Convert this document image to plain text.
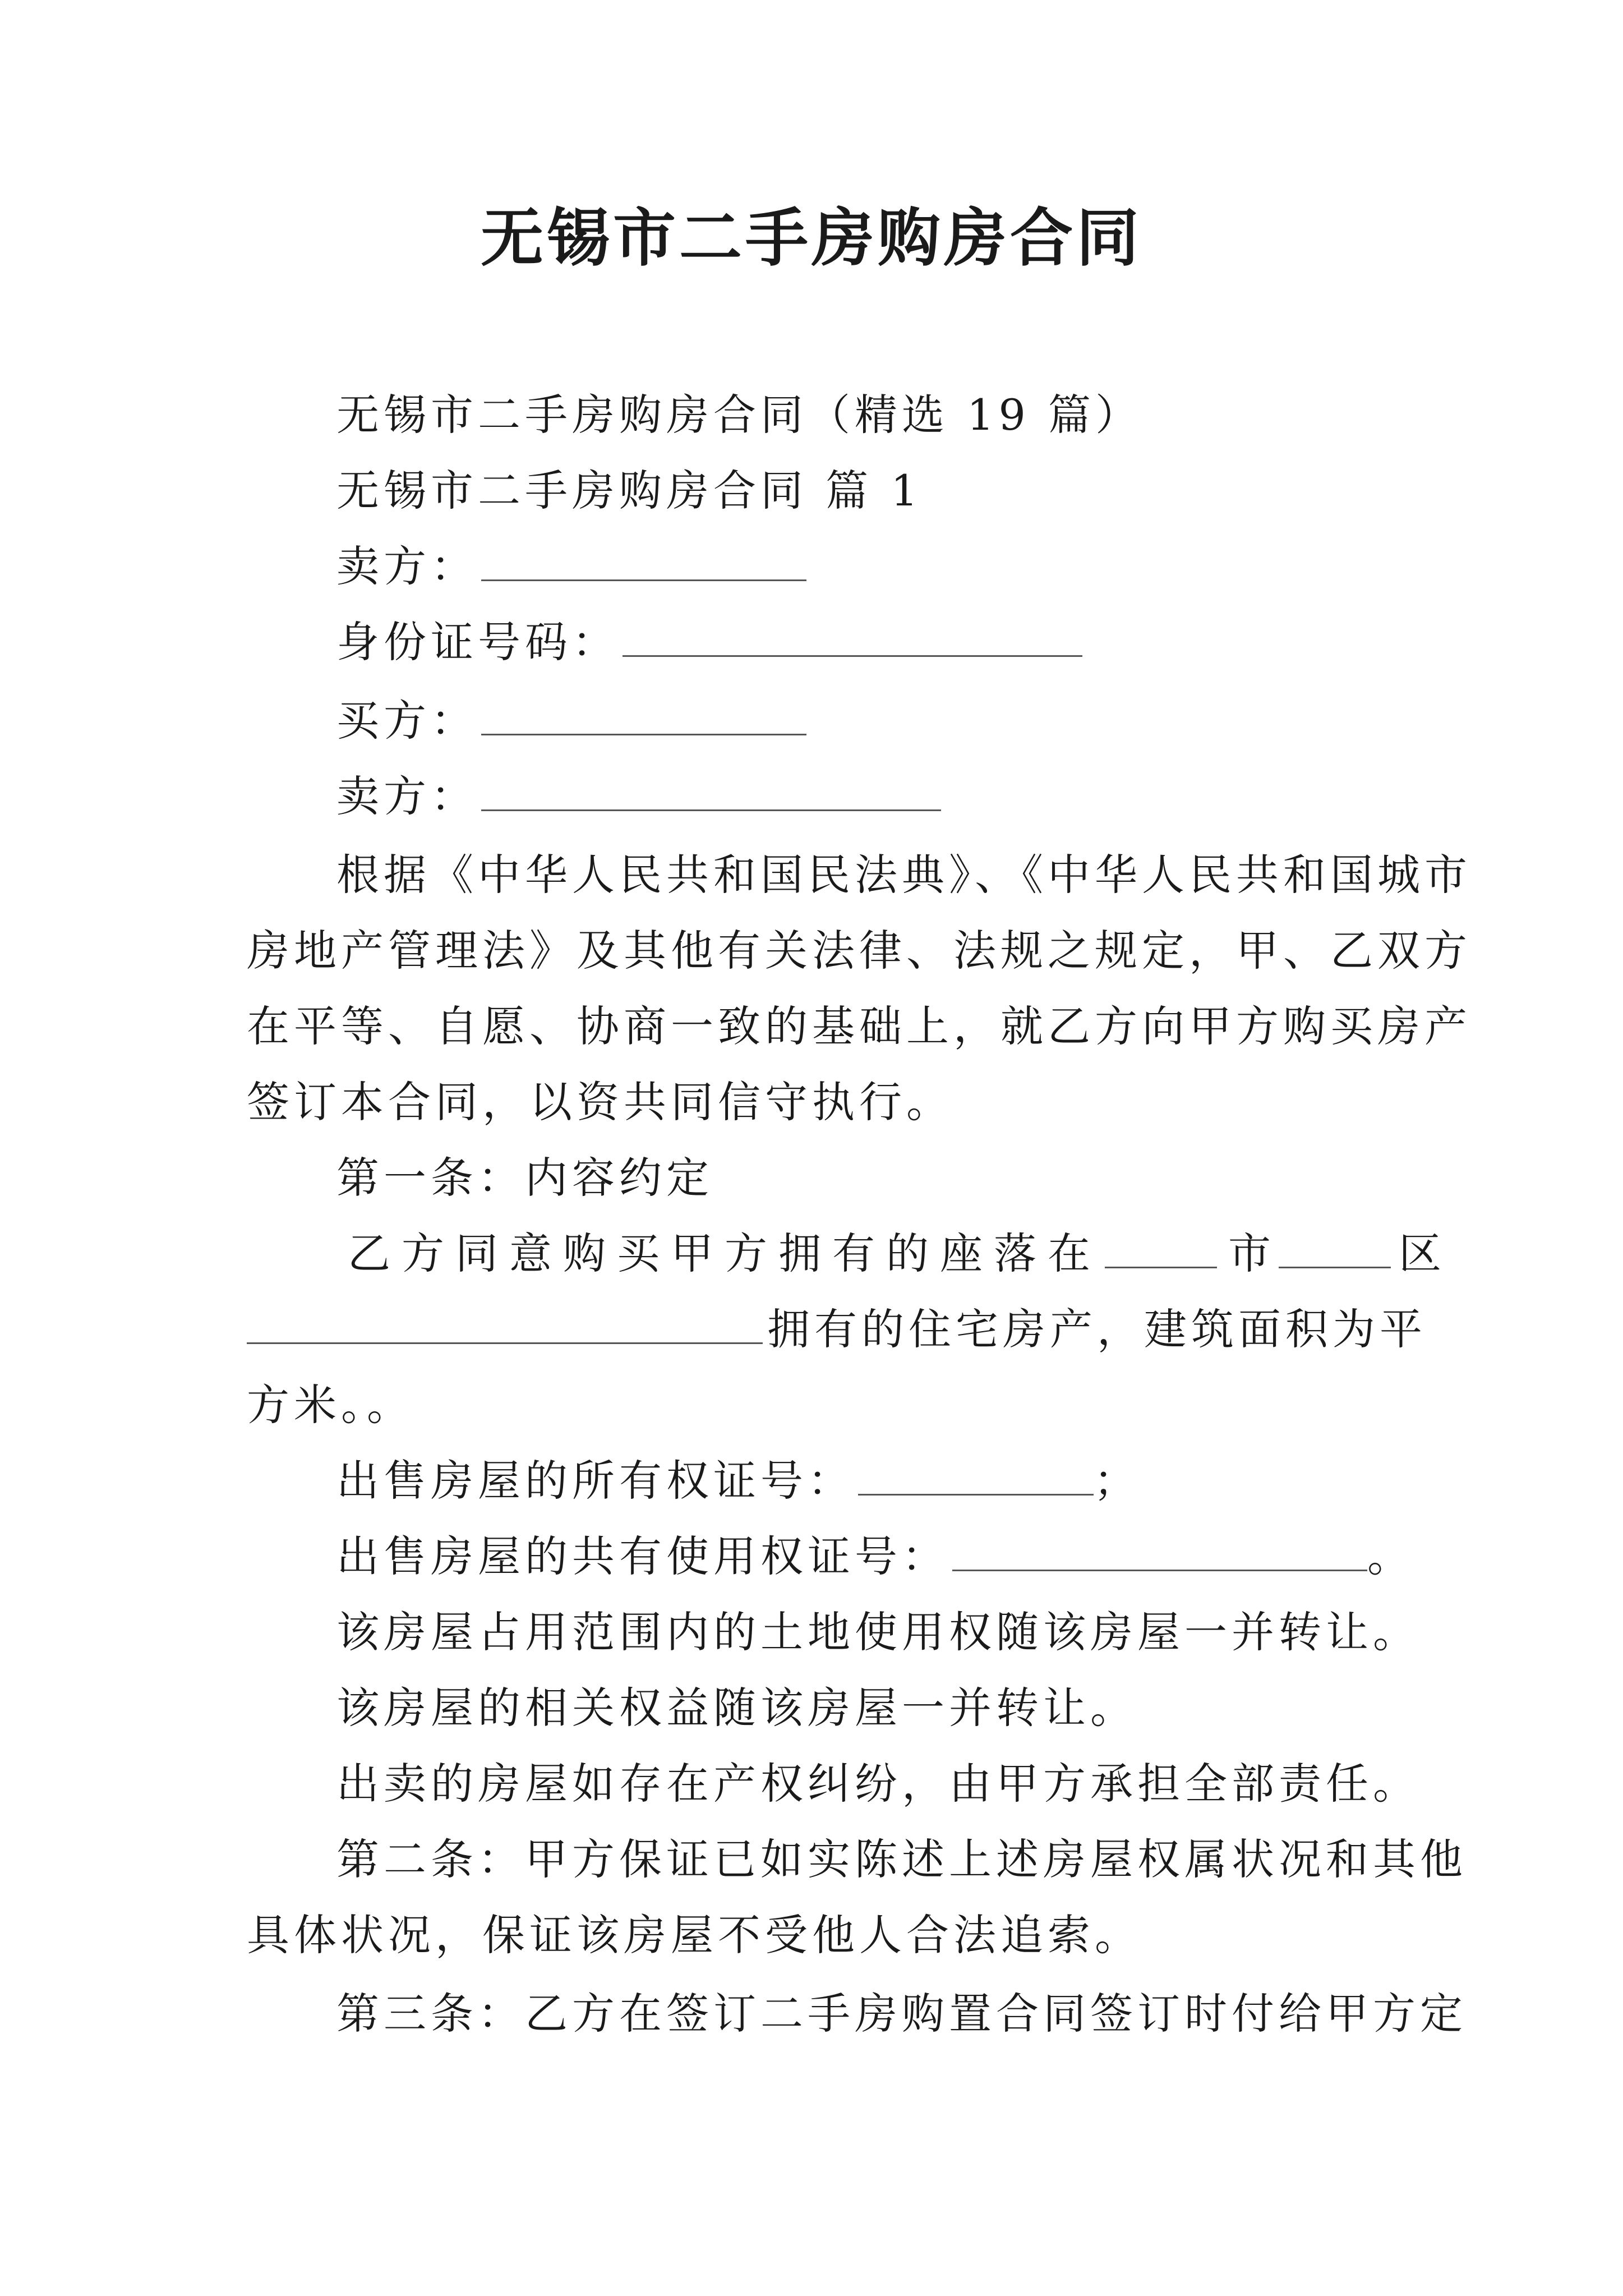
无锡市二手房购房合同
无锡市二手房购房合同（精选 19 篇）
无锡市二手房购房合同 篇 1
卖方：
身份证号码：
买方：
卖方：
根据《中华人民共和国民法典》、《中华人民共和国城市
房地产管理法》及其他有关法律、法规之规定，甲、乙双方
在平等、自愿、协商一致的基础上，就乙方向甲方购买房产
签订本合同，以资共同信守执行。
第一条：内容约定
乙方同意购买甲方拥有的座落在	市	区
拥有的住宅房产，建筑面积为平
方米。。
出售房屋的所有权证号：	；
出售房屋的共有使用权证号：	。
该房屋占用范围内的土地使用权随该房屋一并转让。
该房屋的相关权益随该房屋一并转让。
出卖的房屋如存在产权纠纷，由甲方承担全部责任。
第二条：甲方保证已如实陈述上述房屋权属状况和其他
具体状况，保证该房屋不受他人合法追索。
第三条：乙方在签订二手房购置合同签订时付给甲方定
